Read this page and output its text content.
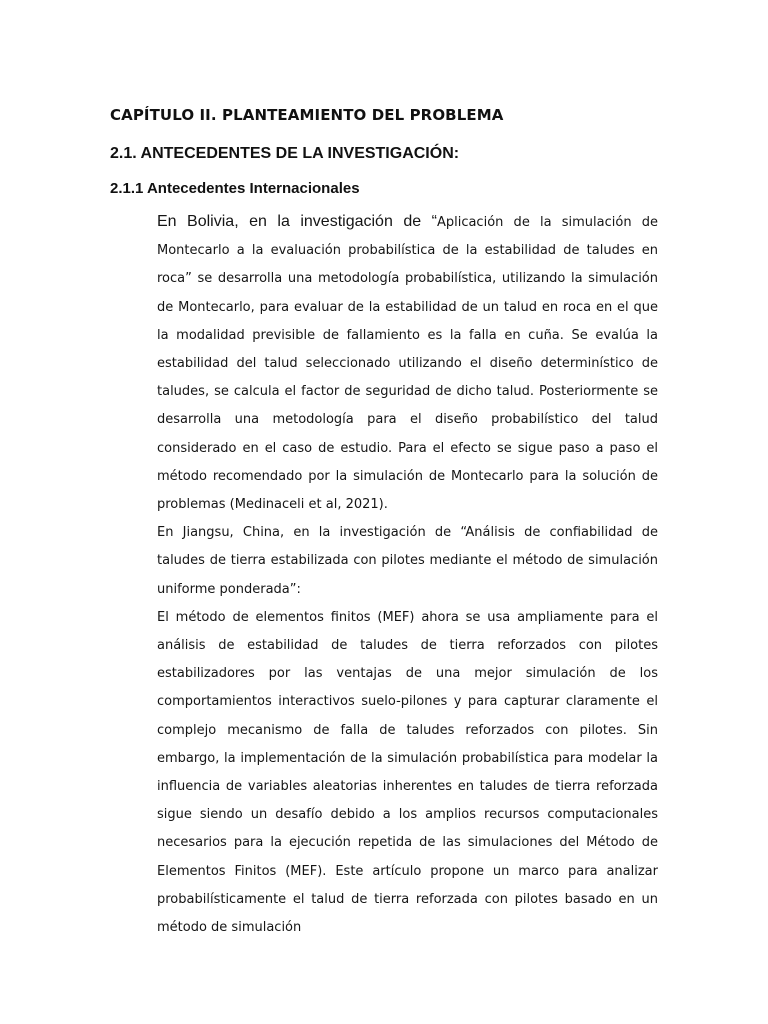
CAPÍTULO II. PLANTEAMIENTO DEL PROBLEMA
2.1. ANTECEDENTES DE LA INVESTIGACIÓN:
2.1.1 Antecedentes Internacionales

En Bolivia, en la investigación de “Aplicación de la simulación de Montecarlo a la evaluación probabilística de la estabilidad de taludes en roca” se desarrolla una metodología probabilística, utilizando la simulación de Montecarlo, para evaluar de la estabilidad de un talud en roca en el que la modalidad previsible de fallamiento es la falla en cuña. Se evalúa la estabilidad del talud seleccionado utilizando el diseño determinístico de taludes, se calcula el factor de seguridad de dicho talud. Posteriormente se desarrolla una metodología para el diseño probabilístico del talud considerado en el caso de estudio. Para el efecto se sigue paso a paso el método recomendado por la simulación de Montecarlo para la solución de problemas (Medinaceli et al, 2021).

En Jiangsu, China, en la investigación de “Análisis de confiabilidad de taludes de tierra estabilizada con pilotes mediante el método de simulación uniforme ponderada”:

El método de elementos finitos (MEF) ahora se usa ampliamente para el análisis de estabilidad de taludes de tierra reforzados con pilotes estabilizadores por las ventajas de una mejor simulación de los comportamientos interactivos suelo-pilones y para capturar claramente el complejo mecanismo de falla de taludes reforzados con pilotes. Sin embargo, la implementación de la simulación probabilística para modelar la influencia de variables aleatorias inherentes en taludes de tierra reforzada sigue siendo un desafío debido a los amplios recursos computacionales necesarios para la ejecución repetida de las simulaciones del Método de Elementos Finitos (MEF). Este artículo propone un marco para analizar probabilísticamente el talud de tierra reforzada con pilotes basado en un método de simulación
